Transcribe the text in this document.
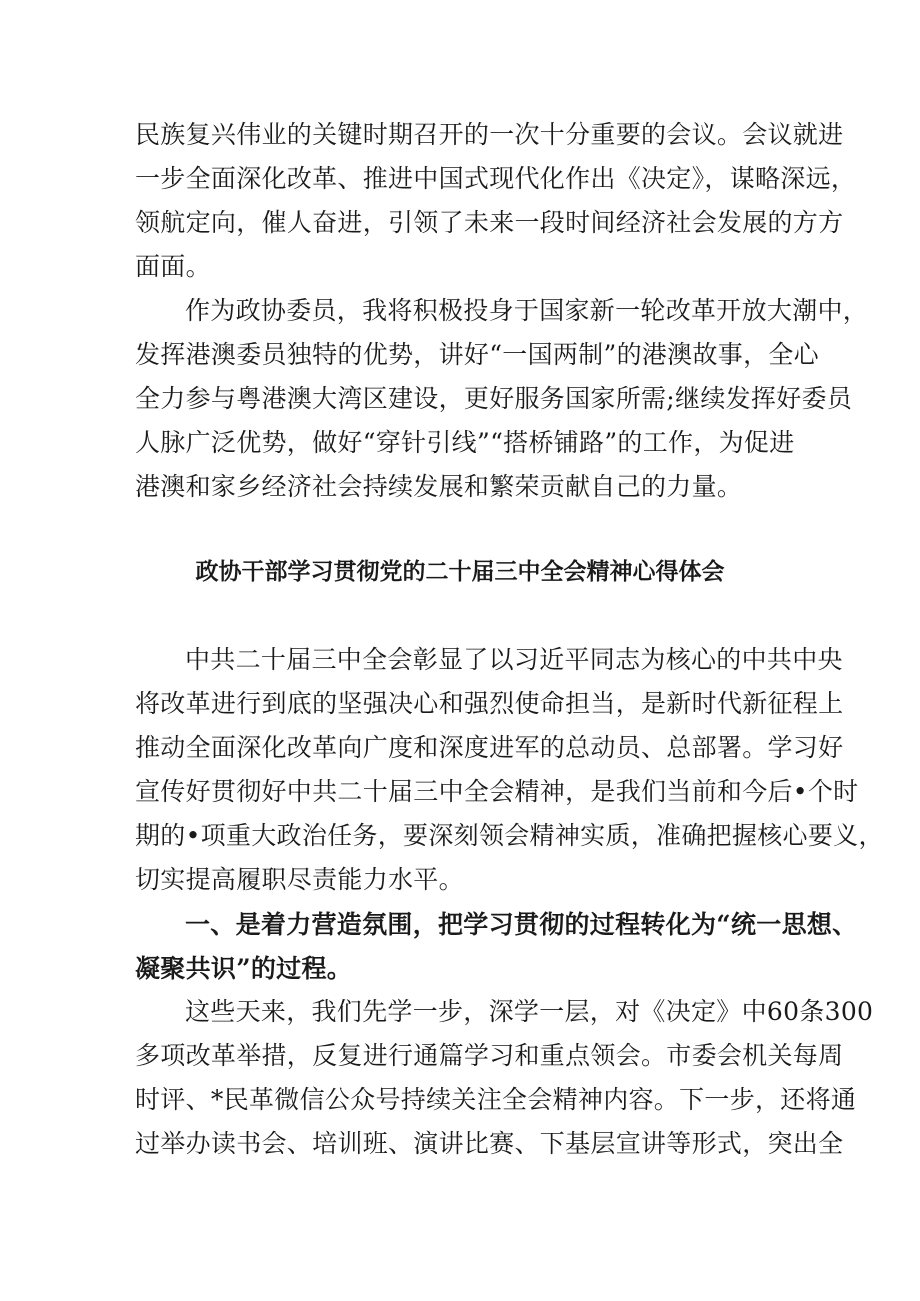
民族复兴伟业的关键时期召开的一次十分重要的会议。会议就进
一步全面深化改革、推进中国式现代化作出《决定》，谋略深远，
领航定向，催人奋进，引领了未来一段时间经济社会发展的方方
面面。
作为政协委员，我将积极投身于国家新一轮改革开放大潮中，
发挥港澳委员独特的优势，讲好“一国两制”的港澳故事，全心
全力参与粤港澳大湾区建设，更好服务国家所需;继续发挥好委员
人脉广泛优势，做好“穿针引线”“搭桥铺路”的工作，为促进
港澳和家乡经济社会持续发展和繁荣贡献自己的力量。
政协干部学习贯彻党的二十届三中全会精神心得体会
中共二十届三中全会彰显了以习近平同志为核心的中共中央
将改革进行到底的坚强决心和强烈使命担当，是新时代新征程上
推动全面深化改革向广度和深度进军的总动员、总部署。学习好
宣传好贯彻好中共二十届三中全会精神，是我们当前和今后•个时
期的•项重大政治任务，要深刻领会精神实质，准确把握核心要义，
切实提高履职尽责能力水平。
一、是着力营造氛围，把学习贯彻的过程转化为“统一思想、
凝聚共识”的过程。
这些天来，我们先学一步，深学一层，对《决定》中60条300
多项改革举措，反复进行通篇学习和重点领会。市委会机关每周
时评、*民革微信公众号持续关注全会精神内容。下一步，还将通
过举办读书会、培训班、演讲比赛、下基层宣讲等形式，突出全
